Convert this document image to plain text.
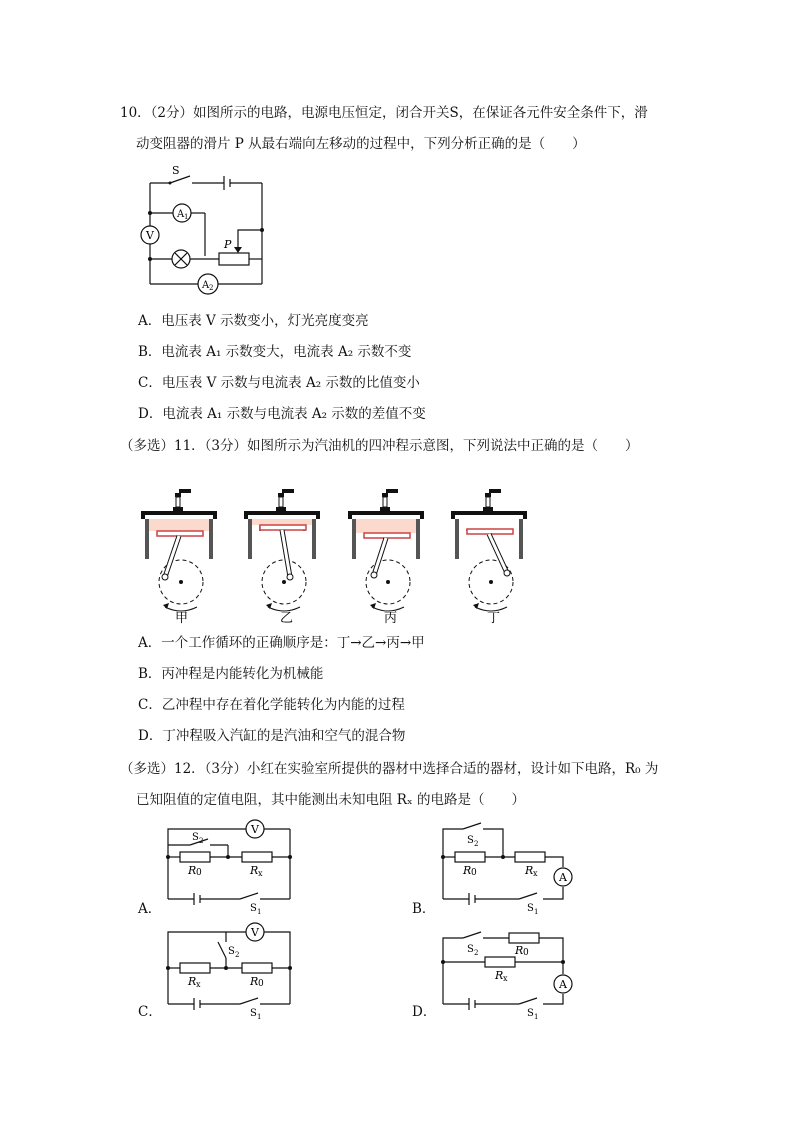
10．（2分）如图所示的电路，电源电压恒定，闭合开关S，在保证各元件安全条件下，滑
动变阻器的滑片 P 从最右端向左移动的过程中，下列分析正确的是（　　）
V
A 1
A 2
S
P
A．电压表 V 示数变小，灯光亮度变亮
B．电流表 A₁ 示数变大，电流表 A₂ 示数不变
C．电压表 V 示数与电流表 A₂ 示数的比值变小
D．电流表 A₁ 示数与电流表 A₂ 示数的差值不变
（多选）11．（3分）如图所示为汽油机的四冲程示意图，下列说法中正确的是（　　）
甲	乙	丙	丁
A．一个工作循环的正确顺序是：丁→乙→丙→甲
B．丙冲程是内能转化为机械能
C．乙冲程中存在着化学能转化为内能的过程
D．丁冲程吸入汽缸的是汽油和空气的混合物
（多选）12．（3分）小红在实验室所提供的器材中选择合适的器材，设计如下电路，R₀ 为
已知阻值的定值电阻，其中能测出未知电阻 Rₓ 的电路是（　　）
A．
V
S 2
R 0	R x
S 1	B．
A
S 2
R 0	R x
S 1
C．
V
S 2
R x	R 0
S 1	D．
A
S 2	R 0
R x
S 1
